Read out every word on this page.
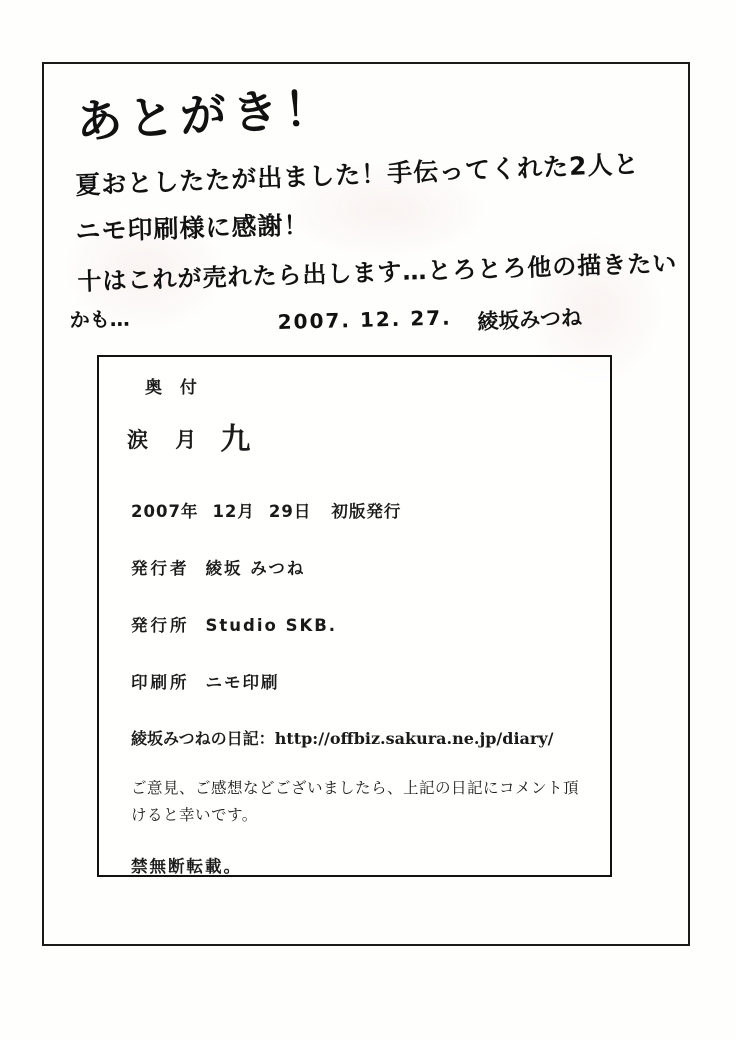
あとがき！
夏おとしたたが出ました！手伝ってくれた2人と
ニモ印刷様に感謝！
十はこれが売れたら出します…とろとろ他の描きたい
かも…	2007. 12. 27. 綾坂みつね
奥 付
涙 月 九
2007年 12月 29日 初版発行
発行者 綾坂 みつね
発行所 Studio SKB.
印刷所 ニモ印刷
綾坂みつねの日記：http://offbiz.sakura.ne.jp/diary/
ご意見、ご感想などございましたら、上記の日記にコメント頂けると幸いです。
禁無断転載。
